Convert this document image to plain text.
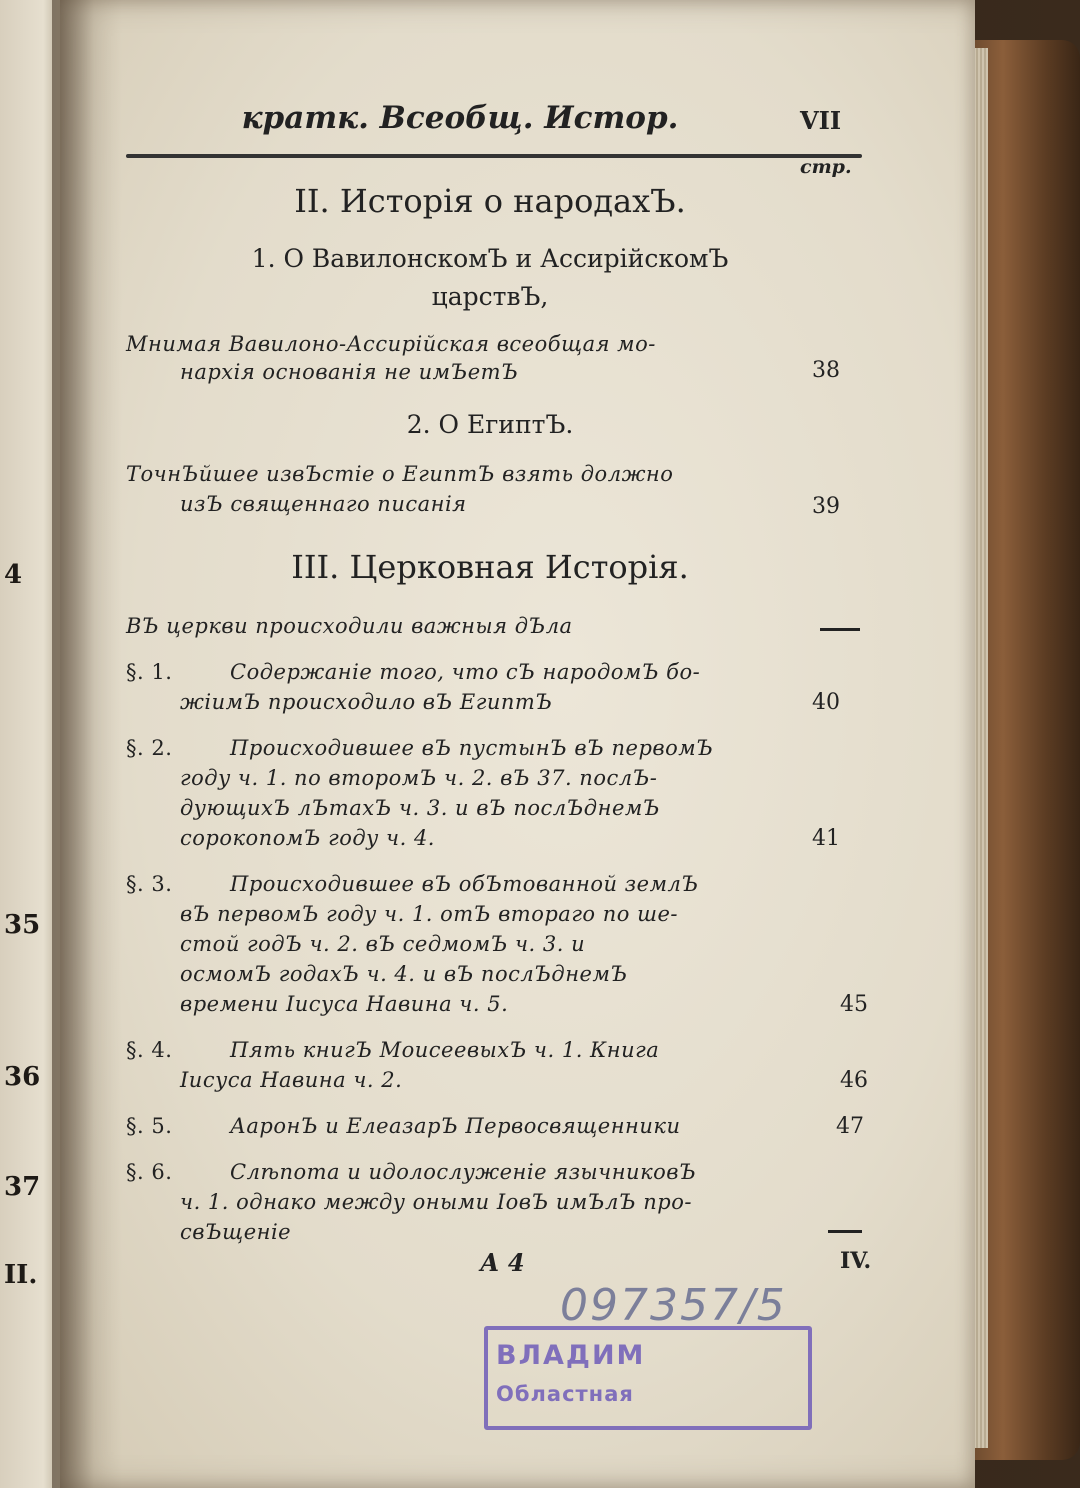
4
35
36
37
II.
кратк. Всеобщ. Истор.	VII
стр.
II. Исторія о народахЪ.
1. О ВавилонскомЪ и АссирійскомЪ
царствЪ,
Мнимая Вавилоно-Ассирійская всеобщая мо-
нархія основанія не имЪетЪ	38
2. О ЕгиптЪ.
ТочнЪйшее извЪстіе о ЕгиптЪ взять должно
изЪ священнаго писанія	39
III. Церковная Исторія.
ВЪ церкви происходили важныя дЪла
§. 1.	Содержаніе того, что сЪ народомЪ бо-
жіимЪ происходило вЪ ЕгиптЪ	40
§. 2.	Происходившее вЪ пустынЪ вЪ первомЪ
году ч. 1. по второмЪ ч. 2. вЪ 37. послЪ-
дующихЪ лЪтахЪ ч. 3. и вЪ послЪднемЪ
сорокопомЪ году ч. 4.	41
§. 3.	Происходившее вЪ обЪтованной землЪ
вЪ первомЪ году ч. 1. отЪ втораго по ше-
стой годЪ ч. 2. вЪ седмомЪ ч. 3. и
осмомЪ годахЪ ч. 4. и вЪ послЪднемЪ
времени Іисуса Навина ч. 5.	45
§. 4.	Пять книгЪ МоисеевыхЪ ч. 1. Книга
Іисуса Навина ч. 2.	46
§. 5.	АаронЪ и ЕлеазарЪ Первосвященники	47
§. 6.	Слѣпота и идолослуженіе язычниковЪ
ч. 1. однако между оными ІовЪ имЪлЪ про-
свЪщеніе
А 4	IV.
097357/5
ВЛАДИМ
Областная
